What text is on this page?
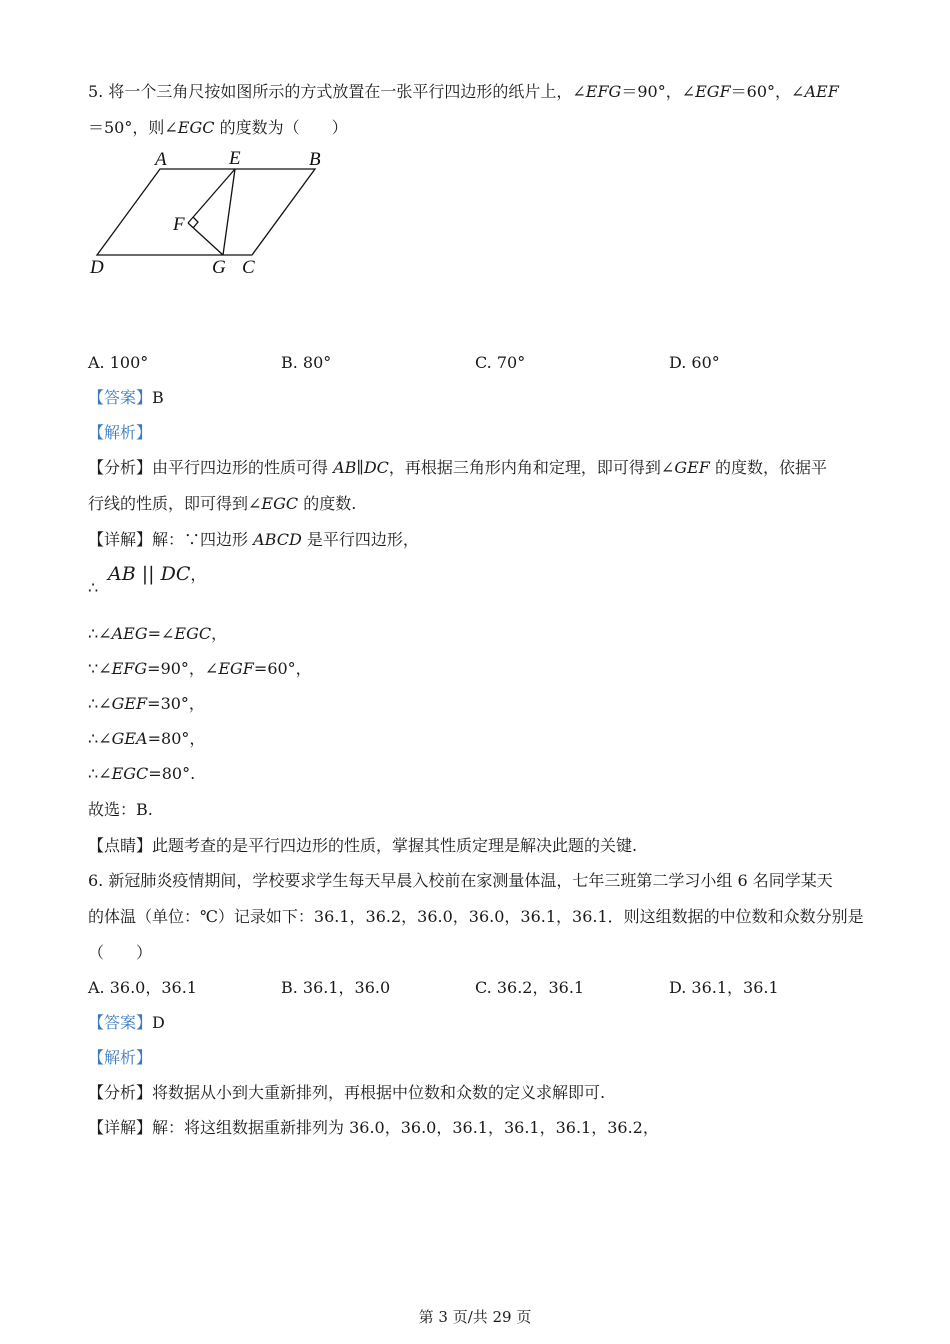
5. 将一个三角尺按如图所示的方式放置在一张平行四边形的纸片上，∠EFG＝90°，∠EGF＝60°，∠AEF
＝50°，则∠EGC 的度数为（　　）
A	E	B
F
D	G C
A. 100°	B. 80°	C. 70°	D. 60°
【答案】B
【解析】
【分析】由平行四边形的性质可得 AB∥DC，再根据三角形内角和定理，即可得到∠GEF 的度数，依据平
行线的性质，即可得到∠EGC 的度数.
【详解】解：∵四边形 ABCD 是平行四边形，
∴
AB || DC，
∴∠AEG=∠EGC，
∵∠EFG=90°，∠EGF=60°，
∴∠GEF=30°，
∴∠GEA=80°，
∴∠EGC=80°.
故选：B.
【点睛】此题考查的是平行四边形的性质，掌握其性质定理是解决此题的关键.
6. 新冠肺炎疫情期间，学校要求学生每天早晨入校前在家测量体温，七年三班第二学习小组 6 名同学某天
的体温（单位：℃）记录如下：36.1，36.2，36.0，36.0，36.1，36.1．则这组数据的中位数和众数分别是
（　　）
A. 36.0，36.1	B. 36.1，36.0	C. 36.2，36.1	D. 36.1，36.1
【答案】D
【解析】
【分析】将数据从小到大重新排列，再根据中位数和众数的定义求解即可.
【详解】解：将这组数据重新排列为 36.0，36.0，36.1，36.1，36.1，36.2，
第 3 页/共 29 页
